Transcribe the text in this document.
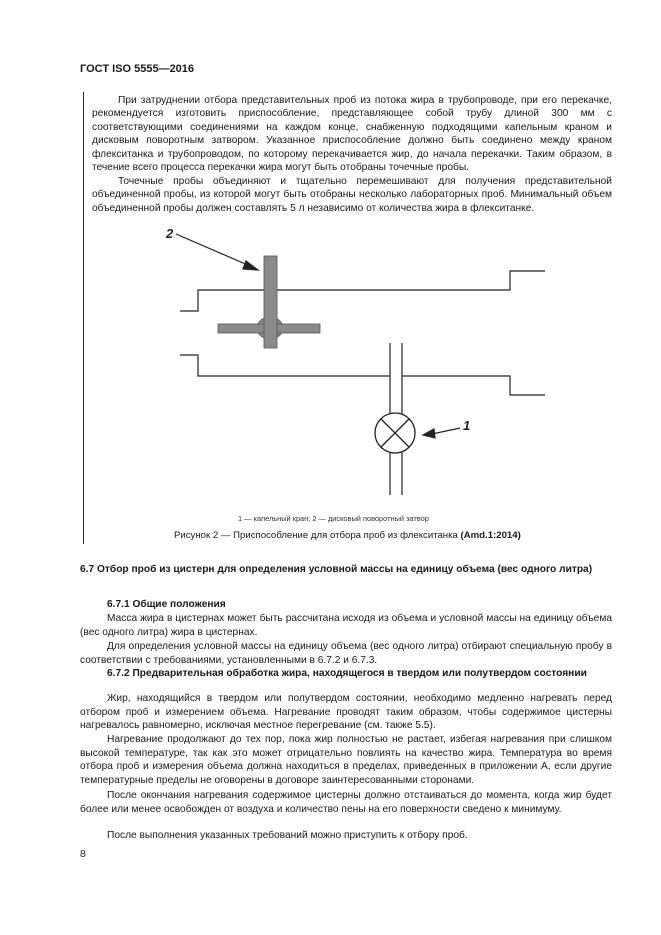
ГОСТ ISO 5555—2016

При затруднении отбора представительных проб из потока жира в трубопроводе, при его перекачке, рекомендуется изготовить приспособление, представляющее собой трубу длиной 300 мм с соответствующими соединениями на каждом конце, снабженную подходящими капельным краном и дисковым поворотным затвором. Указанное приспособление должно быть соединено между краном флекситанка и трубопроводом, по которому перекачивается жир, до начала перекачки. Таким образом, в течение всего процесса перекачки жира могут быть отобраны точечные пробы.

Точечные пробы объединяют и тщательно перемешивают для получения представительной объединенной пробы, из которой могут быть отобраны несколько лабораторных проб. Минимальный объем объединенной пробы должен составлять 5 л независимо от количества жира в флекситанке.

2
1
1 — капельный кран; 2 — дисковый поворотный затвор
Рисунок 2 — Приспособление для отбора проб из флекситанка (Amd.1:2014)

6.7 Отбор проб из цистерн для определения условной массы на единицу объема (вес одного литра)

6.7.1 Общие положения

Масса жира в цистернах может быть рассчитана исходя из объема и условной массы на единицу объема (вес одного литра) жира в цистернах.

Для определения условной массы на единицу объема (вес одного литра) отбирают специальную пробу в соответствии с требованиями, установленными в 6.7.2 и 6.7.3.

6.7.2 Предварительная обработка жира, находящегося в твердом или полутвердом состоянии

Жир, находящийся в твердом или полутвердом состоянии, необходимо медленно нагревать перед отбором проб и измерением объема. Нагревание проводят таким образом, чтобы содержимое цистерны нагревалось равномерно, исключая местное перегревание (см. также 5.5).

Нагревание продолжают до тех пор, пока жир полностью не растает, избегая нагревания при слишком высокой температуре, так как это может отрицательно повлиять на качество жира. Температура во время отбора проб и измерения объема должна находиться в пределах, приведенных в приложении А, если другие температурные пределы не оговорены в договоре заинтересованными сторонами.

После окончания нагревания содержимое цистерны должно отстаиваться до момента, когда жир будет более или менее освобожден от воздуха и количество пены на его поверхности сведено к минимуму.

После выполнения указанных требований можно приступить к отбору проб.

8
